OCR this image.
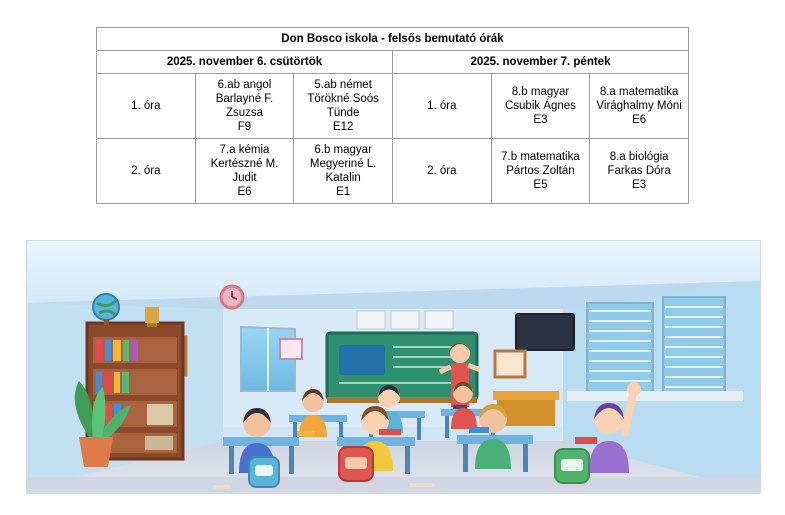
Don Bosco iskola - felsős bemutató órák					
2025. november 6. csütörtök			2025. november 7. péntek		
1. óra	6.ab angol
Barlayné F. Zsuzsa
F9	5.ab német
Törökné Soós Tünde
E12	1. óra	8.b magyar
Csubik Ágnes
E3	8.a matematika
Virághalmy Móni
E6

2. óra	7.a kémia
Kertészné M. Judit
E6	6.b magyar
Megyeriné L. Katalin
E1	2. óra	7.b matematika
Pártos Zoltán
E5	8.a biológia
Farkas Dóra
E3
